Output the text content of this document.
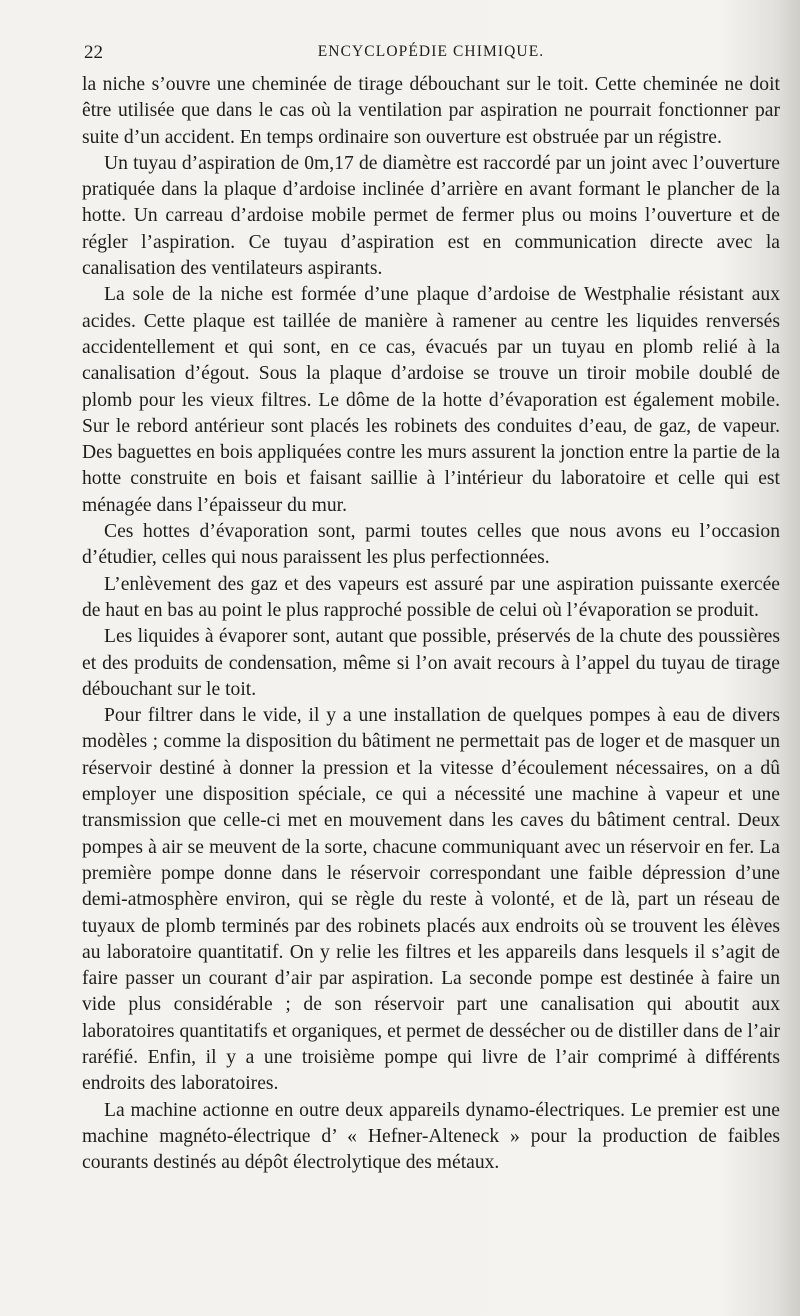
22	ENCYCLOPÉDIE CHIMIQUE.

la niche s’ouvre une cheminée de tirage débouchant sur le toit. Cette cheminée ne doit être utilisée que dans le cas où la ventilation par aspiration ne pourrait fonctionner par suite d’un accident. En temps ordinaire son ouverture est obstruée par un régistre.

Un tuyau d’aspiration de 0m,17 de diamètre est raccordé par un joint avec l’ouverture pratiquée dans la plaque d’ardoise inclinée d’arrière en avant formant le plancher de la hotte. Un carreau d’ardoise mobile permet de fermer plus ou moins l’ouverture et de régler l’aspiration. Ce tuyau d’aspiration est en communication directe avec la canalisation des ventilateurs aspirants.

La sole de la niche est formée d’une plaque d’ardoise de Westphalie résistant aux acides. Cette plaque est taillée de manière à ramener au centre les liquides renversés accidentellement et qui sont, en ce cas, évacués par un tuyau en plomb relié à la canalisation d’égout. Sous la plaque d’ardoise se trouve un tiroir mobile doublé de plomb pour les vieux filtres. Le dôme de la hotte d’évaporation est également mobile. Sur le rebord antérieur sont placés les robinets des conduites d’eau, de gaz, de vapeur. Des baguettes en bois appliquées contre les murs assurent la jonction entre la partie de la hotte construite en bois et faisant saillie à l’intérieur du laboratoire et celle qui est ménagée dans l’épaisseur du mur.

Ces hottes d’évaporation sont, parmi toutes celles que nous avons eu l’occasion d’étudier, celles qui nous paraissent les plus perfectionnées.

L’enlèvement des gaz et des vapeurs est assuré par une aspiration puissante exercée de haut en bas au point le plus rapproché possible de celui où l’évaporation se produit.

Les liquides à évaporer sont, autant que possible, préservés de la chute des poussières et des produits de condensation, même si l’on avait recours à l’appel du tuyau de tirage débouchant sur le toit.

Pour filtrer dans le vide, il y a une installation de quelques pompes à eau de divers modèles ; comme la disposition du bâtiment ne permettait pas de loger et de masquer un réservoir destiné à donner la pression et la vitesse d’écoulement nécessaires, on a dû employer une disposition spéciale, ce qui a nécessité une machine à vapeur et une transmission que celle-ci met en mouvement dans les caves du bâtiment central. Deux pompes à air se meuvent de la sorte, chacune communiquant avec un réservoir en fer. La première pompe donne dans le réservoir correspondant une faible dépression d’une demi-atmosphère environ, qui se règle du reste à volonté, et de là, part un réseau de tuyaux de plomb terminés par des robinets placés aux endroits où se trouvent les élèves au laboratoire quantitatif. On y relie les filtres et les appareils dans lesquels il s’agit de faire passer un courant d’air par aspiration. La seconde pompe est destinée à faire un vide plus considérable ; de son réservoir part une canalisation qui aboutit aux laboratoires quantitatifs et organiques, et permet de dessécher ou de distiller dans de l’air raréfié. Enfin, il y a une troisième pompe qui livre de l’air comprimé à différents endroits des laboratoires.

La machine actionne en outre deux appareils dynamo-électriques. Le premier est une machine magnéto-électrique d’ « Hefner-Alteneck » pour la production de faibles courants destinés au dépôt électrolytique des métaux.
